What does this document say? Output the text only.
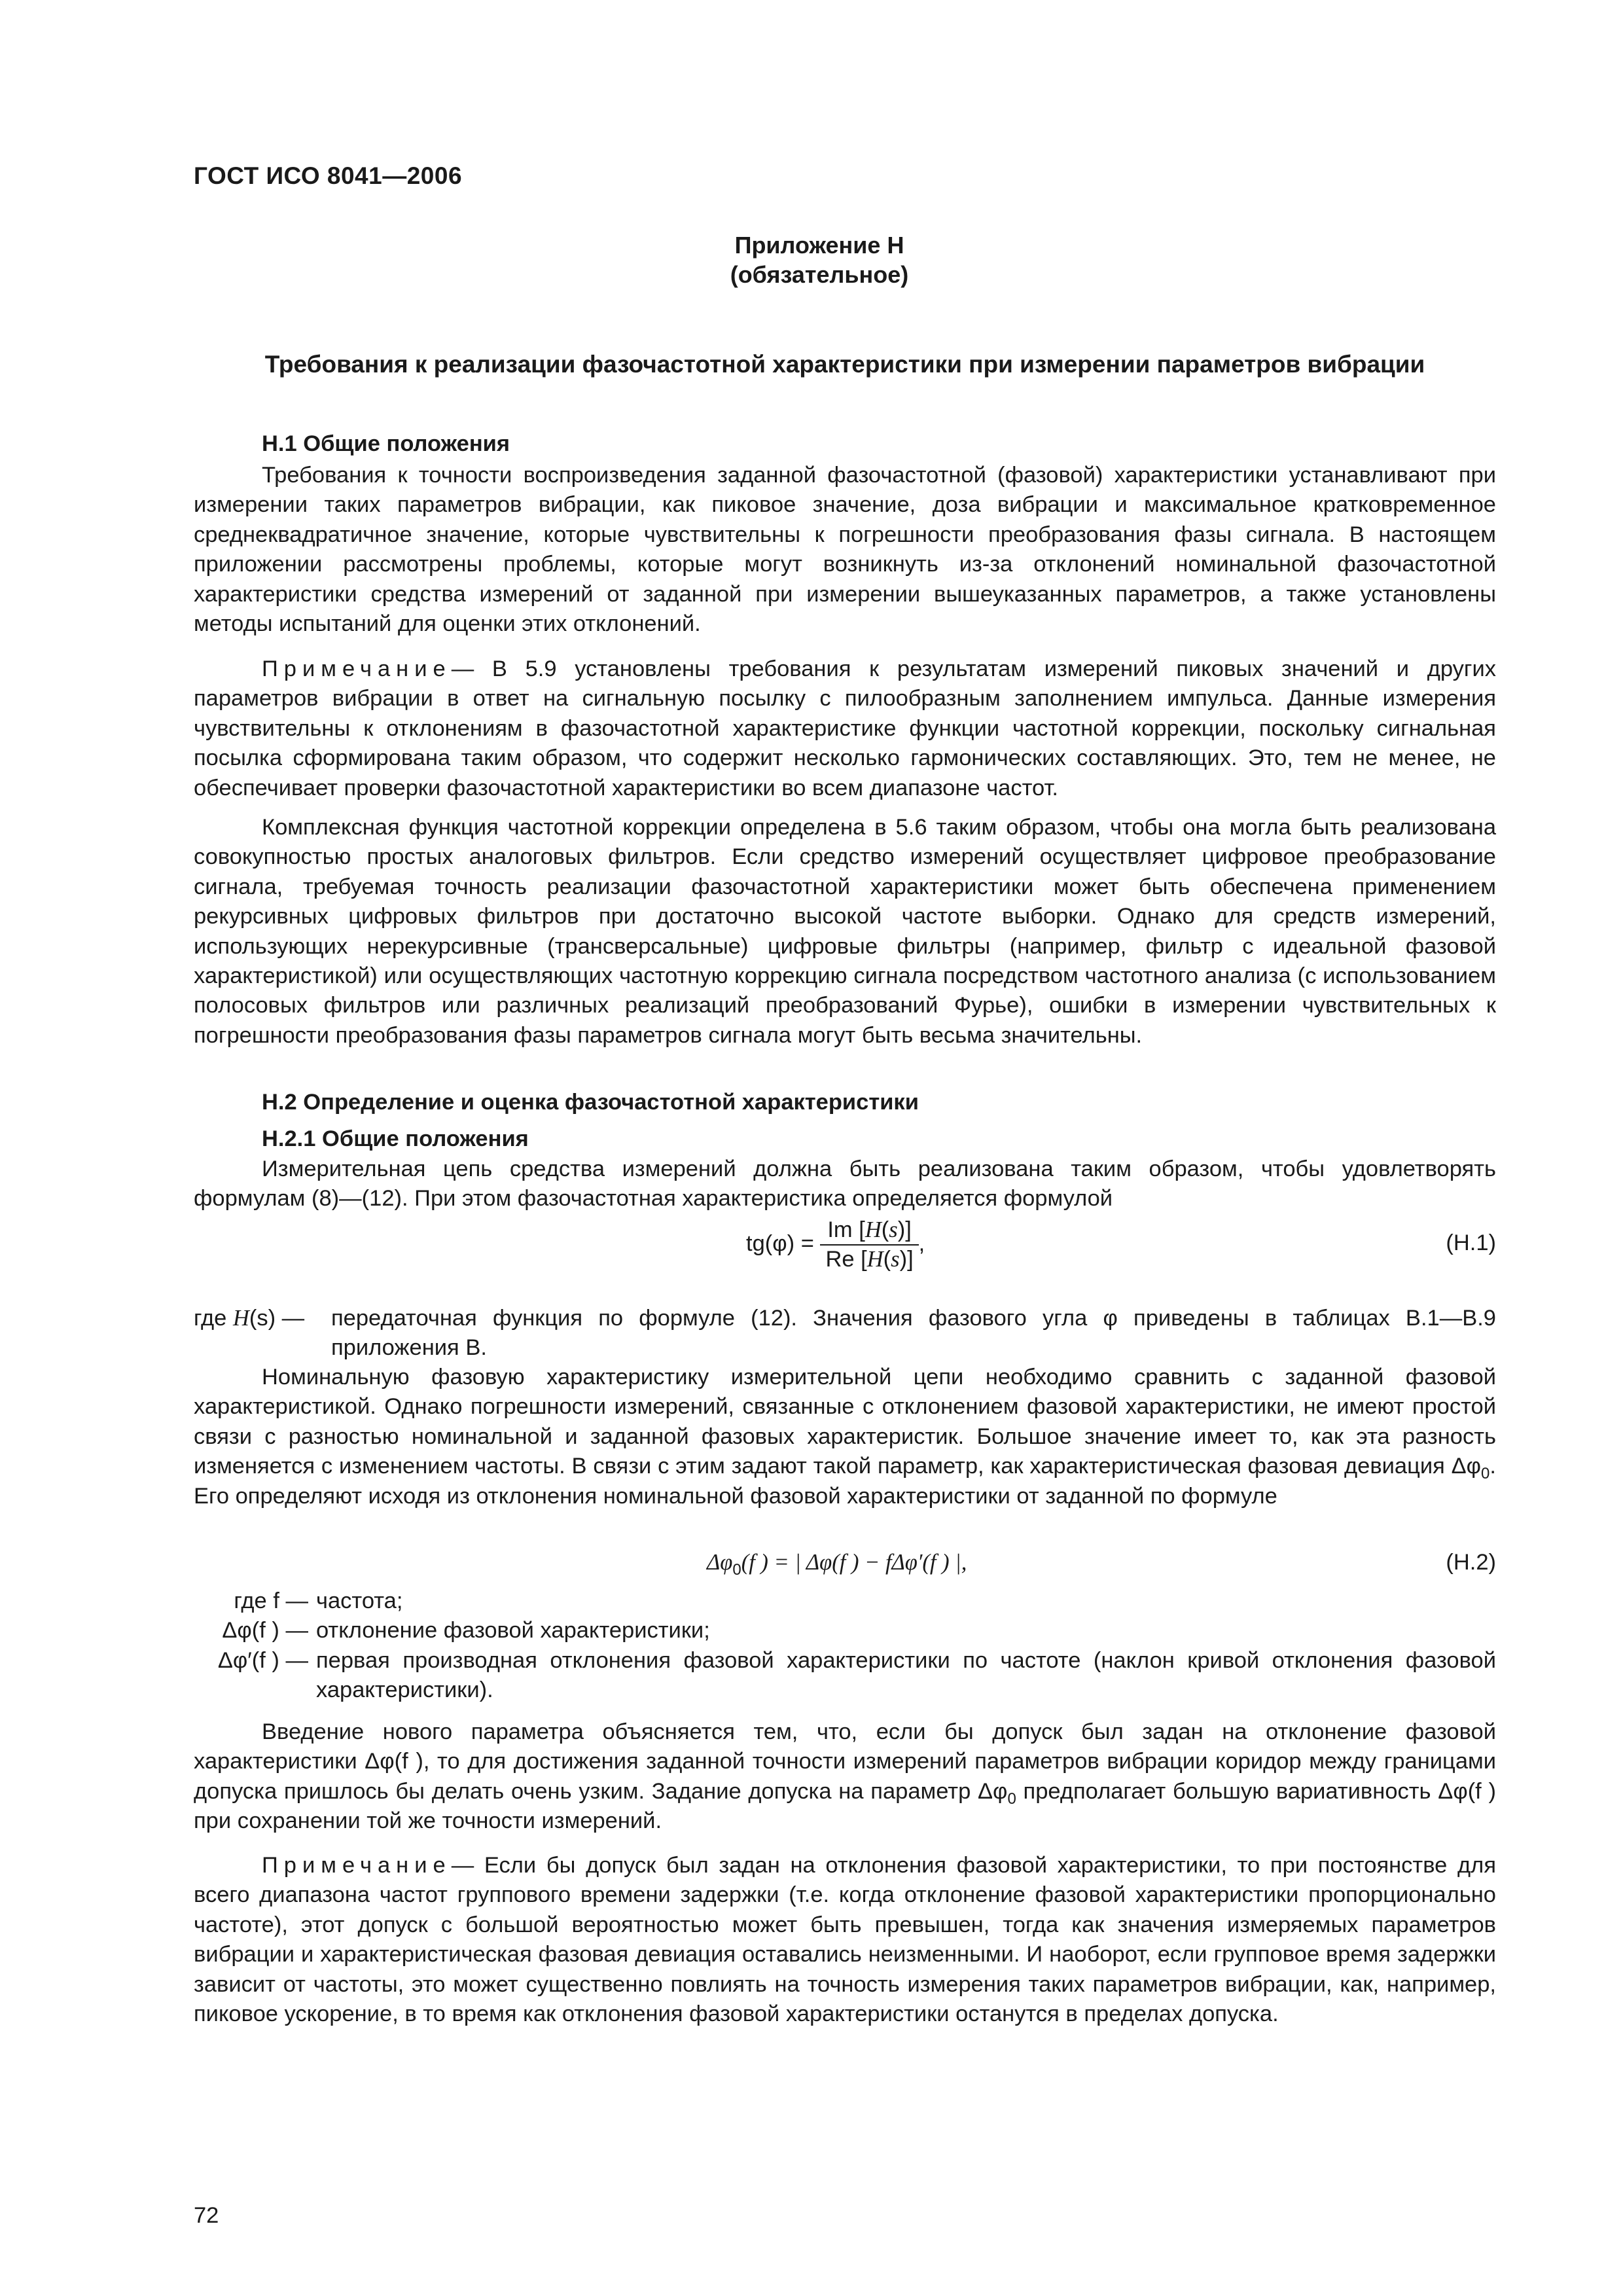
ГОСТ ИСО 8041—2006
Приложение Н
(обязательное)
Требования к реализации фазочастотной характеристики при измерении параметров вибрации
Н.1 Общие положения

Требования к точности воспроизведения заданной фазочастотной (фазовой) характеристики устанавливают при измерении таких параметров вибрации, как пиковое значение, доза вибрации и максимальное кратковременное среднеквадратичное значение, которые чувствительны к погрешности преобразования фазы сигнала. В настоящем приложении рассмотрены проблемы, которые могут возникнуть из-за отклонений номинальной фазочастотной характеристики средства измерений от заданной при измерении вышеуказанных параметров, а также установлены методы испытаний для оценки этих отклонений.

Примечание— В 5.9 установлены требования к результатам измерений пиковых значений и других параметров вибрации в ответ на сигнальную посылку с пилообразным заполнением импульса. Данные измерения чувствительны к отклонениям в фазочастотной характеристике функции частотной коррекции, поскольку сигнальная посылка сформирована таким образом, что содержит несколько гармонических составляющих. Это, тем не менее, не обеспечивает проверки фазочастотной характеристики во всем диапазоне частот.

Комплексная функция частотной коррекции определена в 5.6 таким образом, чтобы она могла быть реализована совокупностью простых аналоговых фильтров. Если средство измерений осуществляет цифровое преобразование сигнала, требуемая точность реализации фазочастотной характеристики может быть обеспечена применением рекурсивных цифровых фильтров при достаточно высокой частоте выборки. Однако для средств измерений, использующих нерекурсивные (трансверсальные) цифровые фильтры (например, фильтр с идеальной фазовой характеристикой) или осуществляющих частотную коррекцию сигнала посредством частотного анализа (с использованием полосовых фильтров или различных реализаций преобразований Фурье), ошибки в измерении чувствительных к погрешности преобразования фазы параметров сигнала могут быть весьма значительны.

Н.2 Определение и оценка фазочастотной характеристики
Н.2.1 Общие положения

Измерительная цепь средства измерений должна быть реализована таким образом, чтобы удовлетворять формулам (8)—(12). При этом фазочастотная характеристика определяется формулой

$tg(\varphi) = \frac{Im [H(s)]}{Re [H(s)]}$ ,	(Н.1)
где H(s) —	передаточная функция по формуле (12). Значения фазового угла φ приведены в таблицах В.1—В.9 приложения В.

Номинальную фазовую характеристику измерительной цепи необходимо сравнить с заданной фазовой характеристикой. Однако погрешности измерений, связанные с отклонением фазовой характеристики, не имеют простой связи с разностью номинальной и заданной фазовых характеристик. Большое значение имеет то, как эта разность изменяется с изменением частоты. В связи с этим задают такой параметр, как характеристическая фазовая девиация $\Delta\varphi_0$. Его определяют исходя из отклонения номинальной фазовой характеристики от заданной по формуле

$\Delta\varphi_0(f$ ) = | Δφ(f ) − fΔφ′(f ) |,	(Н.2)
где f — частота;
Δφ(f ) — отклонение фазовой характеристики;
Δφ′(f ) — первая производная отклонения фазовой характеристики по частоте (наклон кривой отклонения фазовой характеристики).

Введение нового параметра объясняется тем, что, если бы допуск был задан на отклонение фазовой характеристики Δφ(f ), то для достижения заданной точности измерений параметров вибрации коридор между границами допуска пришлось бы делать очень узким. Задание допуска на параметр $\Delta\varphi_0$ предполагает большую вариативность Δφ(f ) при сохранении той же точности измерений.

Примечание— Если бы допуск был задан на отклонения фазовой характеристики, то при постоянстве для всего диапазона частот группового времени задержки (т.е. когда отклонение фазовой характеристики пропорционально частоте), этот допуск с большой вероятностью может быть превышен, тогда как значения измеряемых параметров вибрации и характеристическая фазовая девиация оставались неизменными. И наоборот, если групповое время задержки зависит от частоты, это может существенно повлиять на точность измерения таких параметров вибрации, как, например, пиковое ускорение, в то время как отклонения фазовой характеристики останутся в пределах допуска.

72
